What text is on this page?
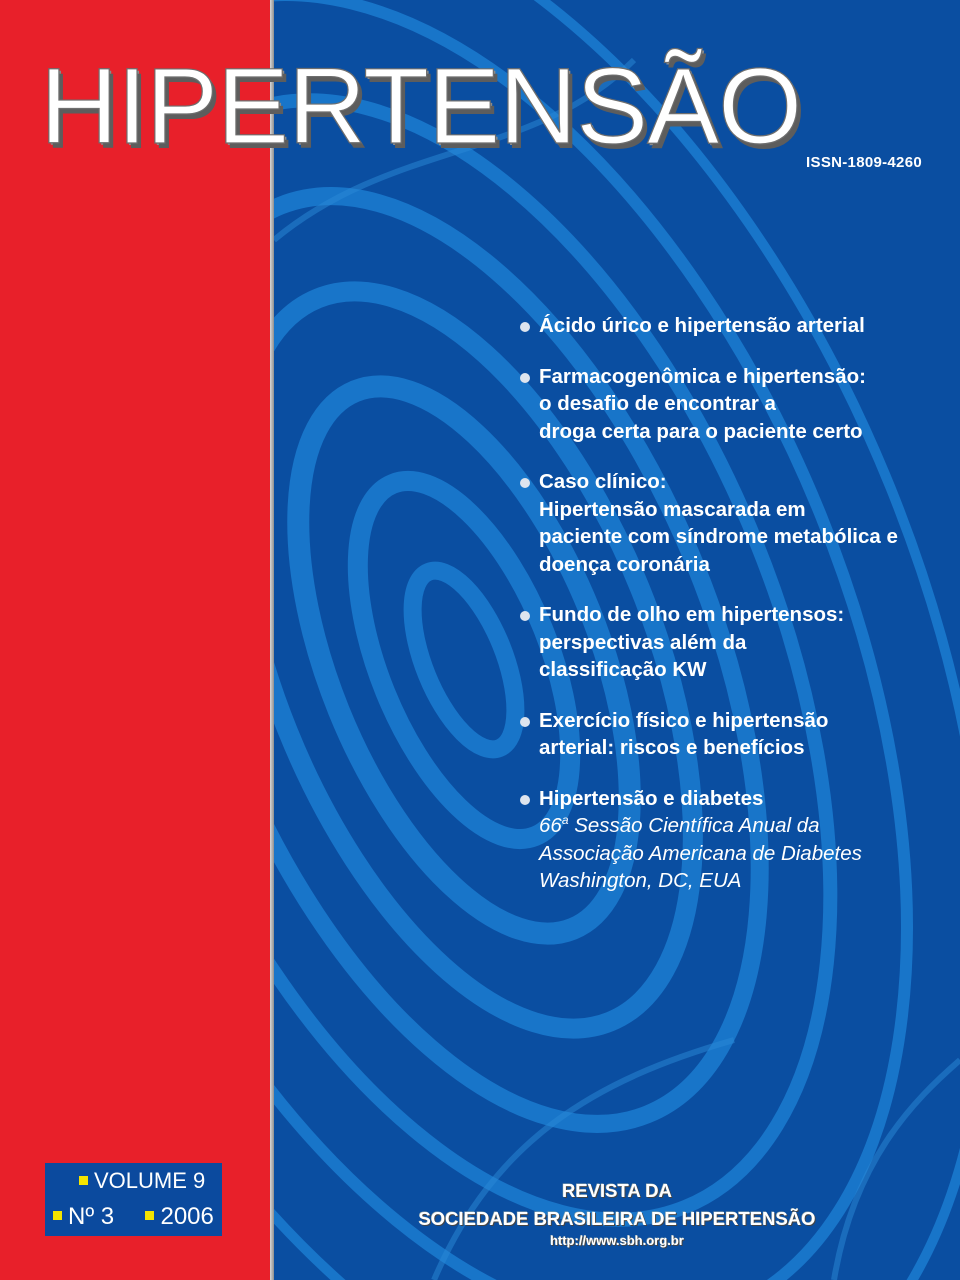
HIPERTENSÃO ISSN-1809-4260
Ácido úrico e hipertensão arterial
Farmacogenômica e hipertensão:
o desafio de encontrar a
droga certa para o paciente certo
Caso clínico:
Hipertensão mascarada em
paciente com síndrome metabólica e
doença coronária
Fundo de olho em hipertensos:
perspectivas além da
classificação KW
Exercício físico e hipertensão
arterial: riscos e benefícios
Hipertensão e diabetes
66$^a$ Sessão Científica Anual da
Associação Americana de Diabetes
Washington, DC, EUA
VOLUME 9
Nº 3 2006
REVISTA DA
SOCIEDADE BRASILEIRA DE HIPERTENSÃO
http://www.sbh.org.br
